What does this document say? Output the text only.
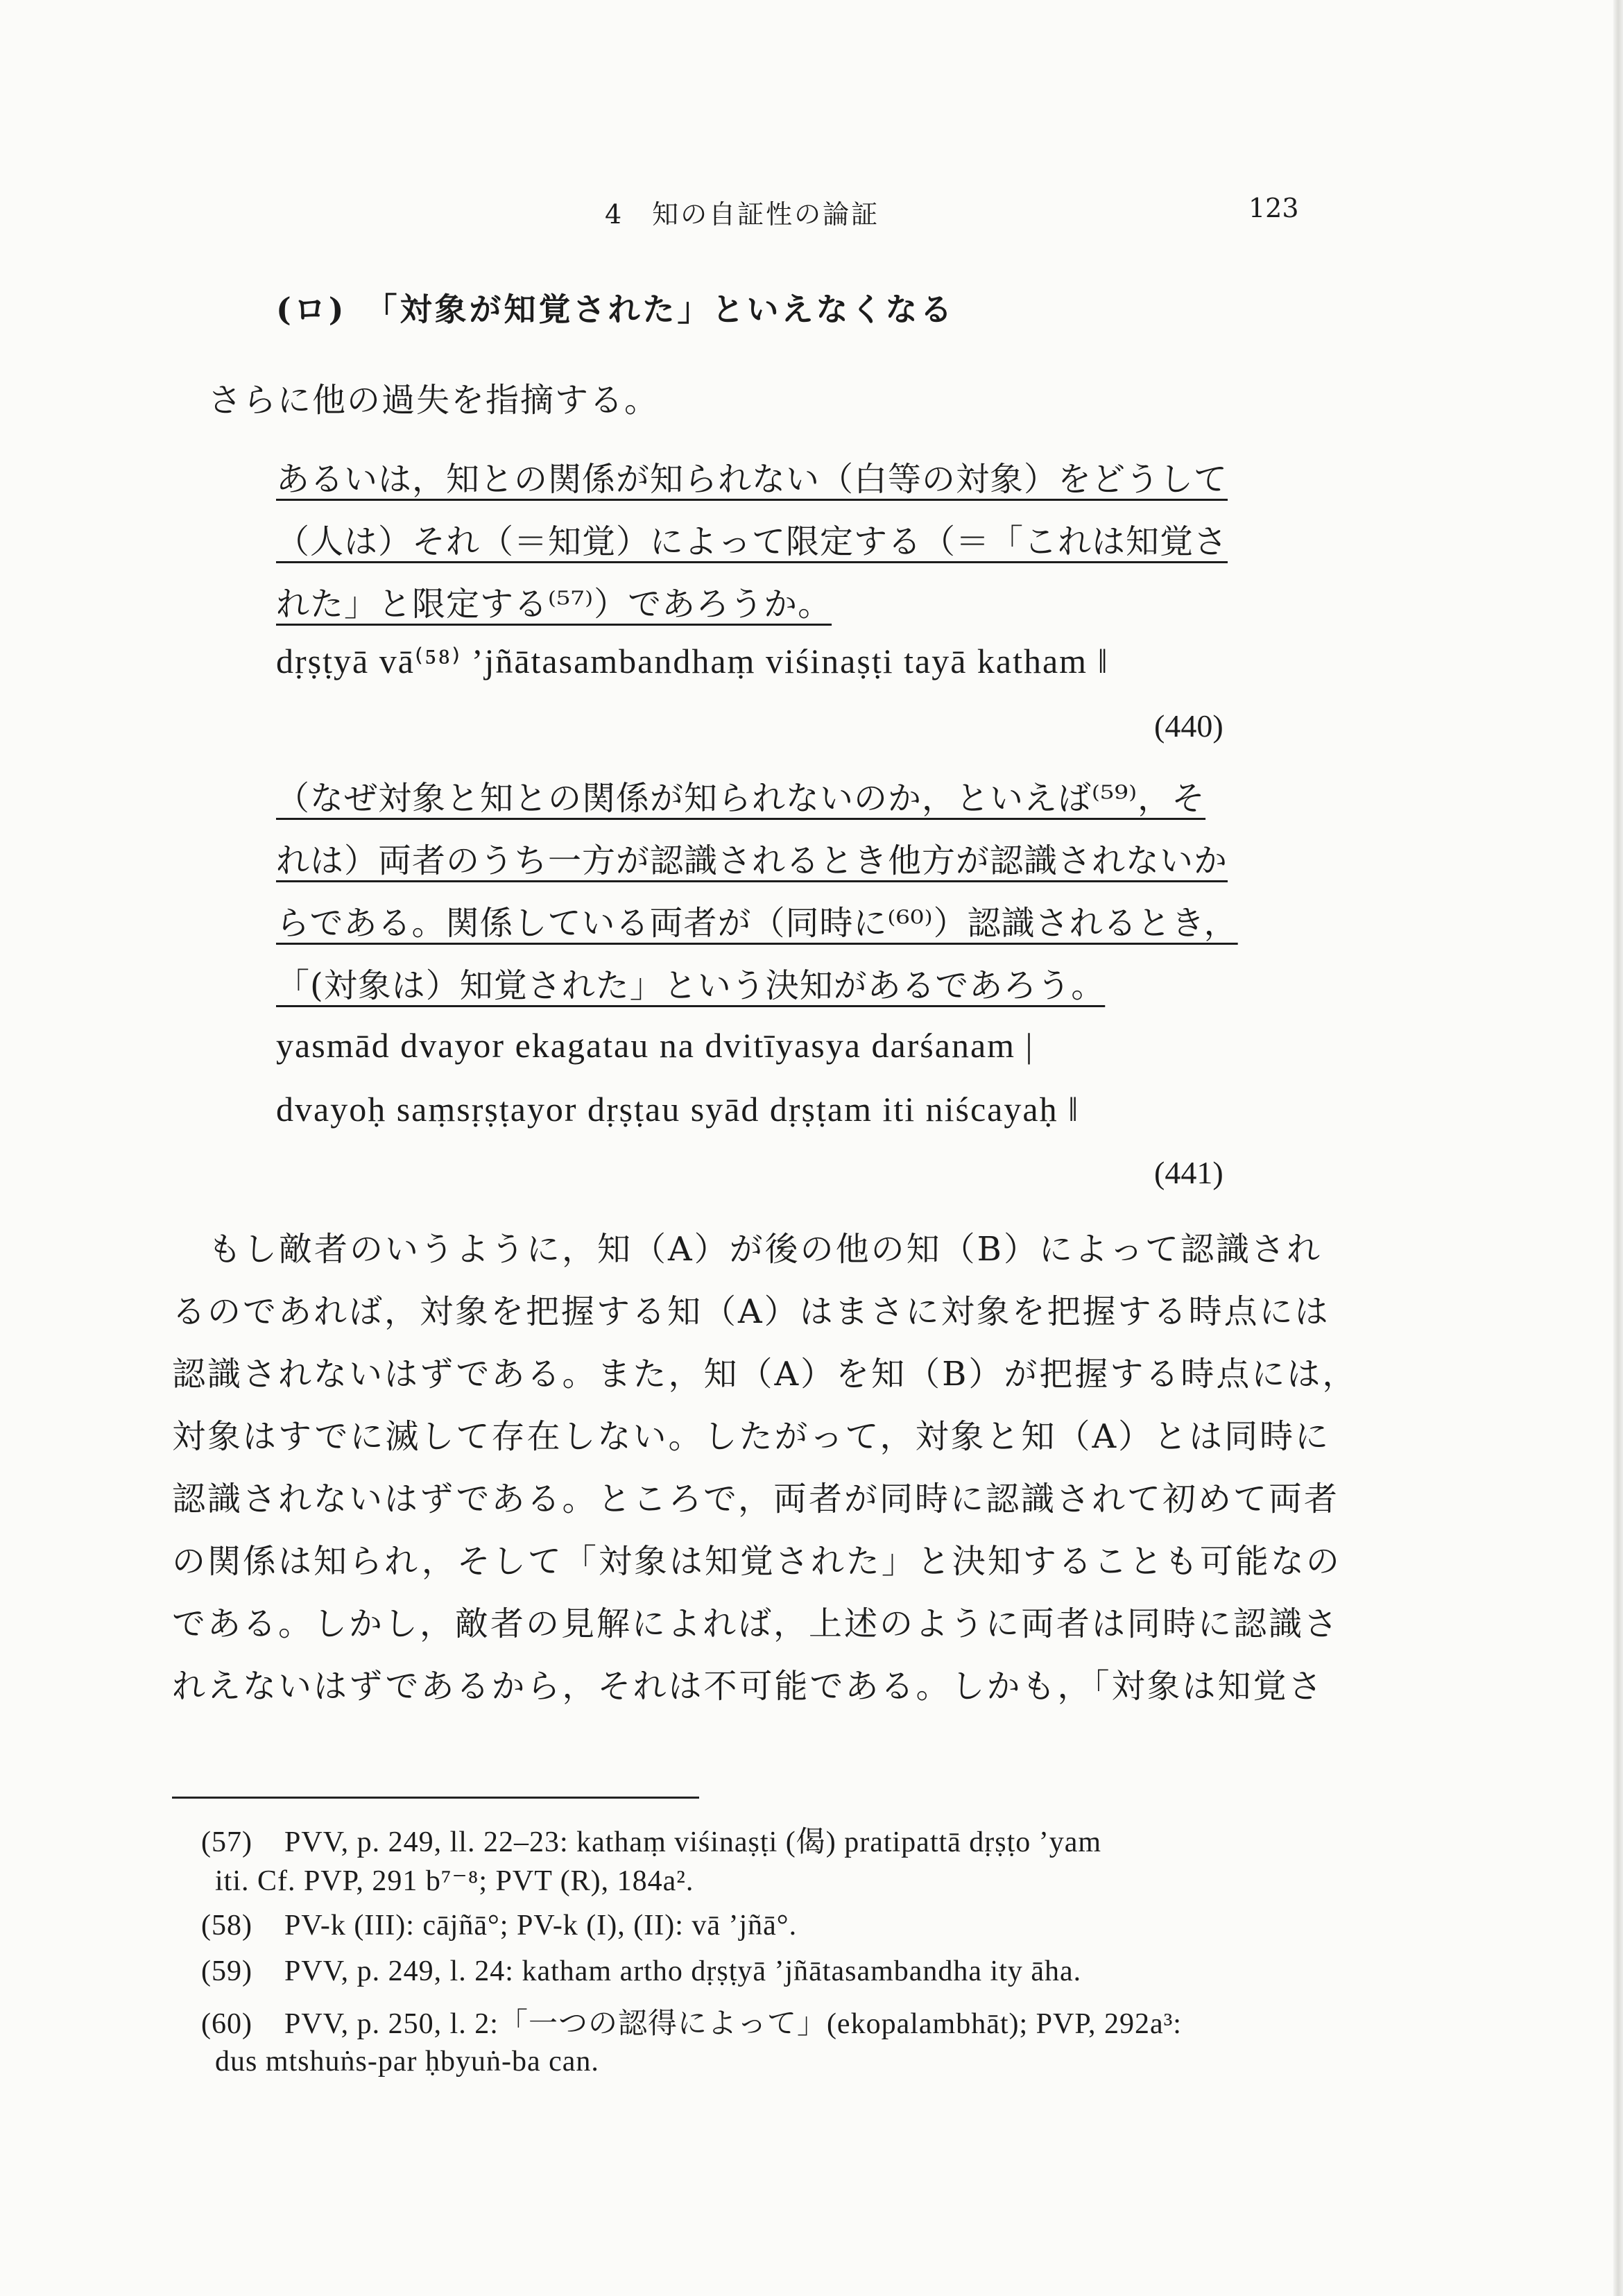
4　知の自証性の論証	123
(ロ)　「対象が知覚された」といえなくなる
さらに他の過失を指摘する。
あるいは，知との関係が知られない（白等の対象）をどうして
（人は）それ（＝知覚）によって限定する（＝「これは知覚さ
れた」と限定する⁽⁵⁷⁾）であろうか。
dṛṣṭyā vā⁽⁵⁸⁾ ’jñātasambandhaṃ viśinaṣṭi tayā katham ‖
(440)
（なぜ対象と知との関係が知られないのか，といえば⁽⁵⁹⁾，そ
れは）両者のうち一方が認識されるとき他方が認識されないか
らである。関係している両者が（同時に⁽⁶⁰⁾）認識されるとき，
「(対象は）知覚された」という決知があるであろう。
yasmād dvayor ekagatau na dvitīyasya darśanam |
dvayoḥ saṃsṛṣṭayor dṛṣṭau syād dṛṣṭam iti niścayaḥ ‖
(441)
もし敵者のいうように，知（A）が後の他の知（B）によって認識され
るのであれば，対象を把握する知（A）はまさに対象を把握する時点には
認識されないはずである。また，知（A）を知（B）が把握する時点には，
対象はすでに滅して存在しない。したがって，対象と知（A）とは同時に
認識されないはずである。ところで，両者が同時に認識されて初めて両者
の関係は知られ，そして「対象は知覚された」と決知することも可能なの
である。しかし，敵者の見解によれば，上述のように両者は同時に認識さ
れえないはずであるから，それは不可能である。しかも，「対象は知覚さ
(57) PVV, p. 249, ll. 22–23: kathaṃ viśinaṣṭi (偈) pratipattā dṛṣṭo ’yam
iti. Cf. PVP, 291 b⁷⁻⁸; PVT (R), 184a².
(58) PV-k (III): cājñā°; PV-k (I), (II): vā ’jñā°.
(59) PVV, p. 249, l. 24: katham artho dṛṣṭyā ’jñātasambandha ity āha.
(60) PVV, p. 250, l. 2:「一つの認得によって」(ekopalambhāt); PVP, 292a³:
dus mtshuṅs-par ḥbyuṅ-ba can.
